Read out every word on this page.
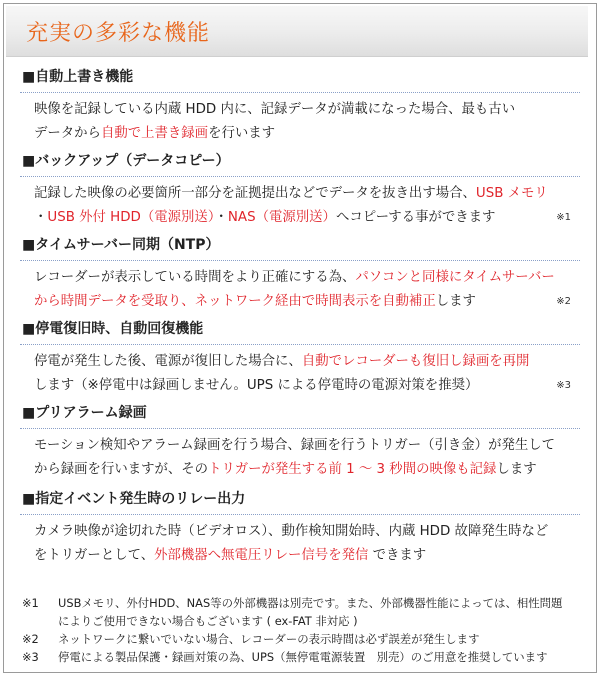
充実の多彩な機能
■自動上書き機能
映像を記録している内蔵 HDD 内に、記録データが満載になった場合、最も古い
データから自動で上書き録画を行います
■バックアップ（データコピー）
記録した映像の必要箇所一部分を証拠提出などでデータを抜き出す場合、USB メモリ
・USB 外付 HDD（電源別送）・NAS（電源別送）へコピーする事ができます	※1
■タイムサーバー同期（NTP）
レコーダーが表示している時間をより正確にする為、パソコンと同様にタイムサーバー
から時間データを受取り、ネットワーク経由で時間表示を自動補正します	※2
■停電復旧時、自動回復機能
停電が発生した後、電源が復旧した場合に、自動でレコーダーも復旧し録画を再開
します（※停電中は録画しません。UPS による停電時の電源対策を推奨）	※3
■プリアラーム録画
モーション検知やアラーム録画を行う場合、録画を行うトリガー（引き金）が発生して
から録画を行いますが、そのトリガーが発生する前 1 ～ 3 秒間の映像も記録します
■指定イベント発生時のリレー出力
カメラ映像が途切れた時（ビデオロス）、動作検知開始時、内蔵 HDD 故障発生時など
をトリガーとして、外部機器へ無電圧リレー信号を発信 できます
※1 USBメモリ、外付HDD、NAS等の外部機器は別売です。また、外部機器性能によっては、相性問題
によりご使用できない場合もございます ( ex-FAT 非対応 )
※2 ネットワークに繋いでいない場合、レコーダーの表示時間は必ず誤差が発生します
※3 停電による製品保護・録画対策の為、UPS（無停電電源装置　別売）のご用意を推奨しています
